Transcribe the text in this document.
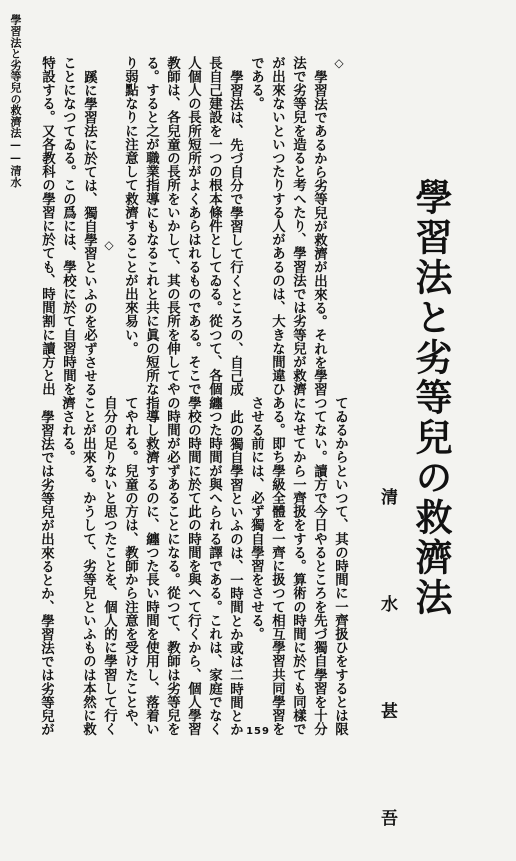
學習法と劣等兒の救濟法——清水
學習法と劣等兒の救濟法
清 水 甚 吾
◇
學習法であるから劣等兒が救濟が出來る。それを學習
法で劣等兒を造ると考へたり、學習法では劣等兒が救濟
が出來ないといつたりする人があるのは、大きな間違ひ
である。
學習法は、先づ自分で學習して行くところの、自己成
長自己建設を一つの根本條件としてゐる。從つて、各個
人個人の長所短所がよくあらはれるものである。そこで
教師は、各兒童の長所をいかして、其の長所を伸してや
る。すると之が職業指導にもなるこれと共に眞の短所な
り弱點なりに注意して救濟することが出來易い。
◇
蹊に學習法に於ては、獨自學習といふのを必ずさせる
ことになつてゐる。この爲には、學校に於て自習時間を
特設する。又各教科の學習に於ても、時間割に讀方と出
てゐるからといつて、其の時間に一齊扱ひをするとは限
つてない。讀方で今日やるところを先づ獨自學習を十分
になせてから一齊扱をする。算術の時間に於ても同樣で
ある。即ち學級全體を一齊に扱つて相互學習共同學習を
させる前には、必ず獨自學習をさせる。
此の獨自學習といふのは、一時間とか或は二時間とか
纏つた時間が與へられる譯である。これは、家庭でなく
學校の時間に於て此の時間を與へて行くから、個人學習
の時間が必ずあることになる。從つて、教師は劣等兒を
指導し救濟するのに、纏つた長い時間を使用し、落着い
てやれる。兒童の方は、教師から注意を受けたことや、
自分の足りないと思つたことを、個人的に學習して行く
ことが出來る。かうして、劣等兒といふものは本然に救
濟される。
學習法では劣等兒が出來るとか、學習法では劣等兒が	159
